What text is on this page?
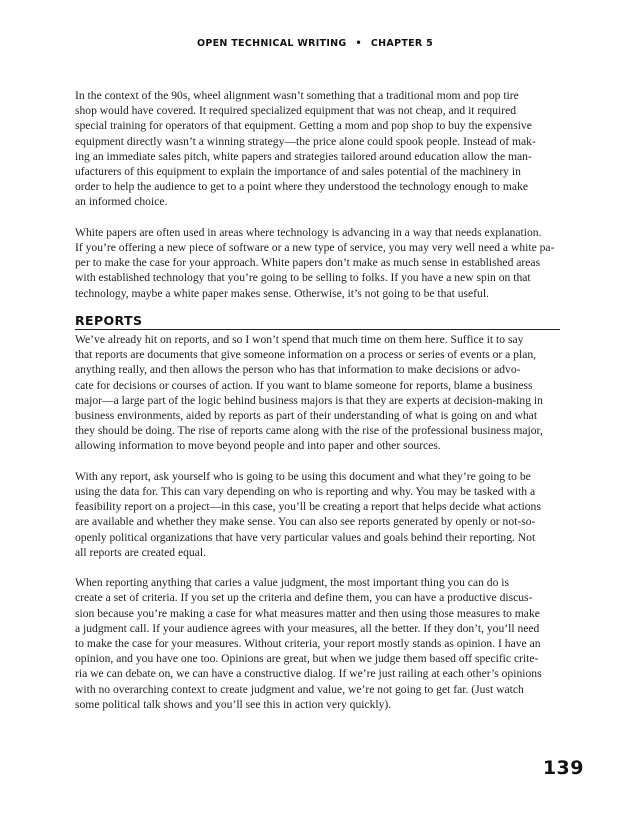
OPEN TECHNICAL WRITING • CHAPTER 5

In the context of the 90s, wheel alignment wasn’t something that a traditional mom and pop tire
shop would have covered. It required specialized equipment that was not cheap, and it required
special training for operators of that equipment. Getting a mom and pop shop to buy the expensive
equipment directly wasn’t a winning strategy—the price alone could spook people. Instead of mak-
ing an immediate sales pitch, white papers and strategies tailored around education allow the man-
ufacturers of this equipment to explain the importance of and sales potential of the machinery in
order to help the audience to get to a point where they understood the technology enough to make
an informed choice.

White papers are often used in areas where technology is advancing in a way that needs explanation.
If you’re offering a new piece of software or a new type of service, you may very well need a white pa-
per to make the case for your approach. White papers don’t make as much sense in established areas
with established technology that you’re going to be selling to folks. If you have a new spin on that
technology, maybe a white paper makes sense. Otherwise, it’s not going to be that useful.

REPORTS

We’ve already hit on reports, and so I won’t spend that much time on them here. Suffice it to say
that reports are documents that give someone information on a process or series of events or a plan,
anything really, and then allows the person who has that information to make decisions or advo-
cate for decisions or courses of action. If you want to blame someone for reports, blame a business
major—a large part of the logic behind business majors is that they are experts at decision-making in
business environments, aided by reports as part of their understanding of what is going on and what
they should be doing. The rise of reports came along with the rise of the professional business major,
allowing information to move beyond people and into paper and other sources.

With any report, ask yourself who is going to be using this document and what they’re going to be
using the data for. This can vary depending on who is reporting and why. You may be tasked with a
feasibility report on a project—in this case, you’ll be creating a report that helps decide what actions
are available and whether they make sense. You can also see reports generated by openly or not-so-
openly political organizations that have very particular values and goals behind their reporting. Not
all reports are created equal.

When reporting anything that caries a value judgment, the most important thing you can do is
create a set of criteria. If you set up the criteria and define them, you can have a productive discus-
sion because you’re making a case for what measures matter and then using those measures to make
a judgment call. If your audience agrees with your measures, all the better. If they don’t, you’ll need
to make the case for your measures. Without criteria, your report mostly stands as opinion. I have an
opinion, and you have one too. Opinions are great, but when we judge them based off specific crite-
ria we can debate on, we can have a constructive dialog. If we’re just railing at each other’s opinions
with no overarching context to create judgment and value, we’re not going to get far. (Just watch
some political talk shows and you’ll see this in action very quickly).

139
